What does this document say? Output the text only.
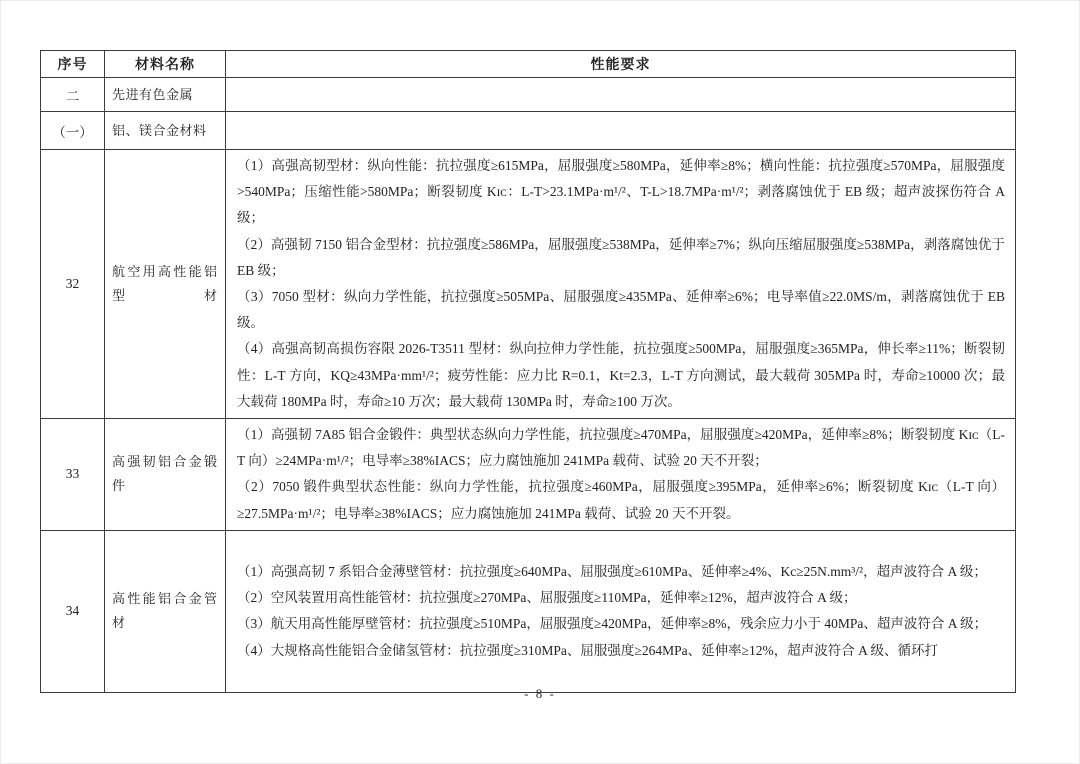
序号	材料名称	性能要求
二	先进有色金属	
（一）	铝、镁合金材料	
32	航空用高性能铝型材	（1）高强高韧型材：纵向性能：抗拉强度≥615MPa，屈服强度≥580MPa，延伸率≥8%；横向性能：抗拉强度≥570MPa，屈服强度>540MPa；压缩性能>580MPa；断裂韧度 Kɪᴄ：L-T>23.1MPa·m¹/²、T-L>18.7MPa·m¹/²；剥落腐蚀优于 EB 级；超声波探伤符合 A 级；

（2）高强韧 7150 铝合金型材：抗拉强度≥586MPa，屈服强度≥538MPa，延伸率≥7%；纵向压缩屈服强度≥538MPa，剥落腐蚀优于 EB 级；

（3）7050 型材：纵向力学性能，抗拉强度≥505MPa、屈服强度≥435MPa、延伸率≥6%；电导率值≥22.0MS/m，剥落腐蚀优于 EB 级。

（4）高强高韧高损伤容限 2026-T3511 型材：纵向拉伸力学性能，抗拉强度≥500MPa，屈服强度≥365MPa，伸长率≥11%；断裂韧性：L-T 方向，KQ≥43MPa·mm¹/²；疲劳性能：应力比 R=0.1，Kt=2.3，L-T 方向测试，最大载荷 305MPa 时，寿命≥10000 次；最大载荷 180MPa 时，寿命≥10 万次；最大载荷 130MPa 时，寿命≥100 万次。

33	高强韧铝合金锻件	（1）高强韧 7A85 铝合金锻件：典型状态纵向力学性能，抗拉强度≥470MPa，屈服强度≥420MPa，延伸率≥8%；断裂韧度 Kɪᴄ（L-T 向）≥24MPa·m¹/²；电导率≥38%IACS；应力腐蚀施加 241MPa 载荷、试验 20 天不开裂；

（2）7050 锻件典型状态性能：纵向力学性能，抗拉强度≥460MPa，屈服强度≥395MPa，延伸率≥6%；断裂韧度 Kɪᴄ（L-T 向）≥27.5MPa·m¹/²；电导率≥38%IACS；应力腐蚀施加 241MPa 载荷、试验 20 天不开裂。

34	高性能铝合金管材	（1）高强高韧 7 系铝合金薄壁管材：抗拉强度≥640MPa、屈服强度≥610MPa、延伸率≥4%、Kc≥25N.mm³/²，超声波符合 A 级；

（2）空风装置用高性能管材：抗拉强度≥270MPa、屈服强度≥110MPa，延伸率≥12%，超声波符合 A 级；

（3）航天用高性能厚壁管材：抗拉强度≥510MPa，屈服强度≥420MPa，延伸率≥8%，残余应力小于 40MPa、超声波符合 A 级；

（4）大规格高性能铝合金储氢管材：抗拉强度≥310MPa、屈服强度≥264MPa、延伸率≥12%，超声波符合 A 级、循环打

- 8 -
